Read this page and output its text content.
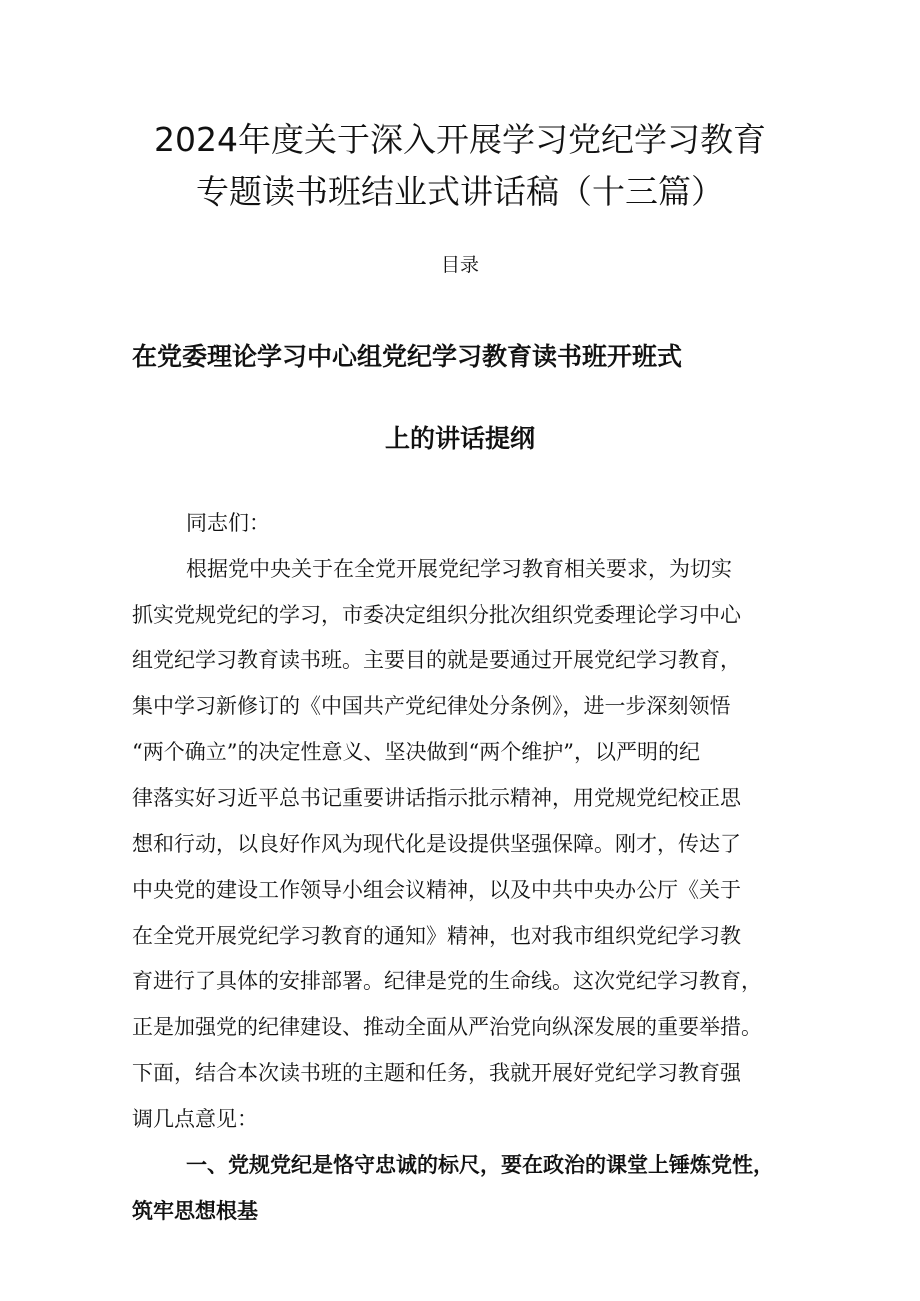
2024年度关于深入开展学习党纪学习教育
专题读书班结业式讲话稿（十三篇）
目录
在党委理论学习中心组党纪学习教育读书班开班式
上的讲话提纲
同志们：
根据党中央关于在全党开展党纪学习教育相关要求，为切实
抓实党规党纪的学习，市委决定组织分批次组织党委理论学习中心
组党纪学习教育读书班。主要目的就是要通过开展党纪学习教育，
集中学习新修订的《中国共产党纪律处分条例》，进一步深刻领悟
“两个确立”的决定性意义、坚决做到“两个维护”，以严明的纪
律落实好习近平总书记重要讲话指示批示精神，用党规党纪校正思
想和行动，以良好作风为现代化是设提供坚强保障。刚才，传达了
中央党的建设工作领导小组会议精神，以及中共中央办公厅《关于
在全党开展党纪学习教育的通知》精神，也对我市组织党纪学习教
育进行了具体的安排部署。纪律是党的生命线。这次党纪学习教育，
正是加强党的纪律建设、推动全面从严治党向纵深发展的重要举措。
下面，结合本次读书班的主题和任务，我就开展好党纪学习教育强
调几点意见：
一、党规党纪是恪守忠诚的标尺，要在政治的课堂上锤炼党性，
筑牢思想根基
